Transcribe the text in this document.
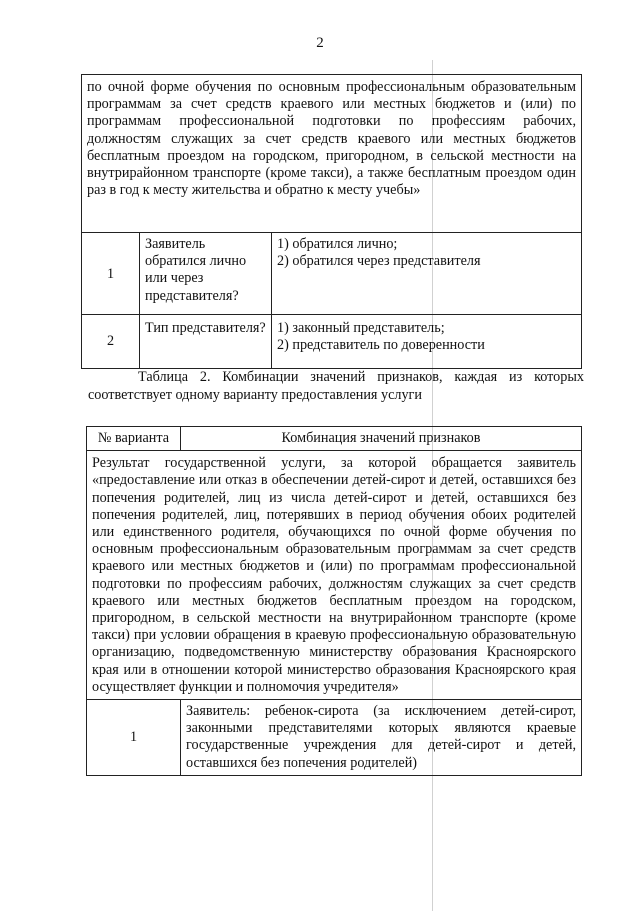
2
по очной форме обучения по основным профессиональным образовательным программам за счет средств краевого или местных бюджетов и (или) по программам профессиональной подготовки по профессиям рабочих, должностям служащих за счет средств краевого или местных бюджетов бесплатным проездом на городском, пригородном, в сельской местности на внутрирайонном транспорте (кроме такси), а также бесплатным проездом один раз в год к месту жительства и обратно к месту учебы»		
1	Заявитель обратился лично или через представителя?	1) обратился лично;
2) обратился через представителя

2	Тип представителя?	1) законный представитель;
2) представитель по доверенности
Таблица 2. Комбинации значений признаков, каждая из которых соответствует одному варианту предоставления услуги
№ варианта	Комбинация значений признаков
Результат государственной услуги, за которой обращается заявитель «предоставление или отказ в обеспечении детей-сирот и детей, оставшихся без попечения родителей, лиц из числа детей-сирот и детей, оставшихся без попечения родителей, лиц, потерявших в период обучения обоих родителей или единственного родителя, обучающихся по очной форме обучения по основным профессиональным образовательным программам за счет средств краевого или местных бюджетов и (или) по программам профессиональной подготовки по профессиям рабочих, должностям служащих за счет средств краевого или местных бюджетов бесплатным проездом на городском, пригородном, в сельской местности на внутрирайонном транспорте (кроме такси) при условии обращения в краевую профессиональную образовательную организацию, подведомственную министерству образования Красноярского края или в отношении которой министерство образования Красноярского края осуществляет функции и полномочия учредителя»	
1	Заявитель: ребенок-сирота (за исключением детей-сирот, законными представителями которых являются краевые государственные учреждения для детей-сирот и детей, оставшихся без попечения родителей)
